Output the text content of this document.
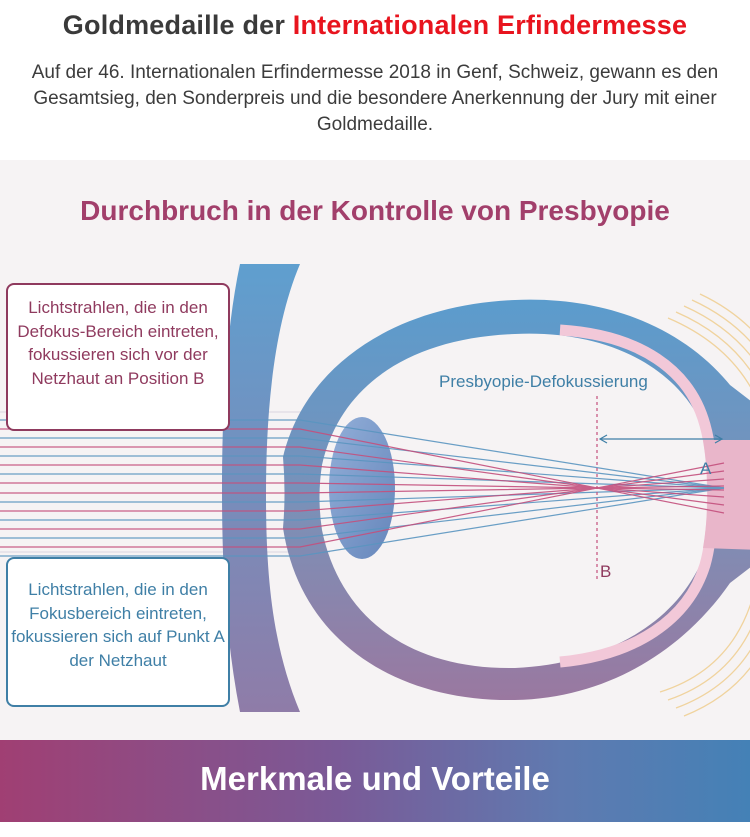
Goldmedaille der Internationalen Erfindermesse
Auf der 46. Internationalen Erfindermesse 2018 in Genf, Schweiz, gewann es den Gesamtsieg, den Sonderpreis und die besondere Anerkennung der Jury mit einer Goldmedaille.
Durchbruch in der Kontrolle von Presbyopie
Lichtstrahlen, die in den Defokus-Bereich eintreten, fokussieren sich vor der Netzhaut an Position B
Lichtstrahlen, die in den Fokusbereich eintreten, fokussieren sich auf Punkt A der Netzhaut
Presbyopie-Defokussierung
A
B
Merkmale und Vorteile
